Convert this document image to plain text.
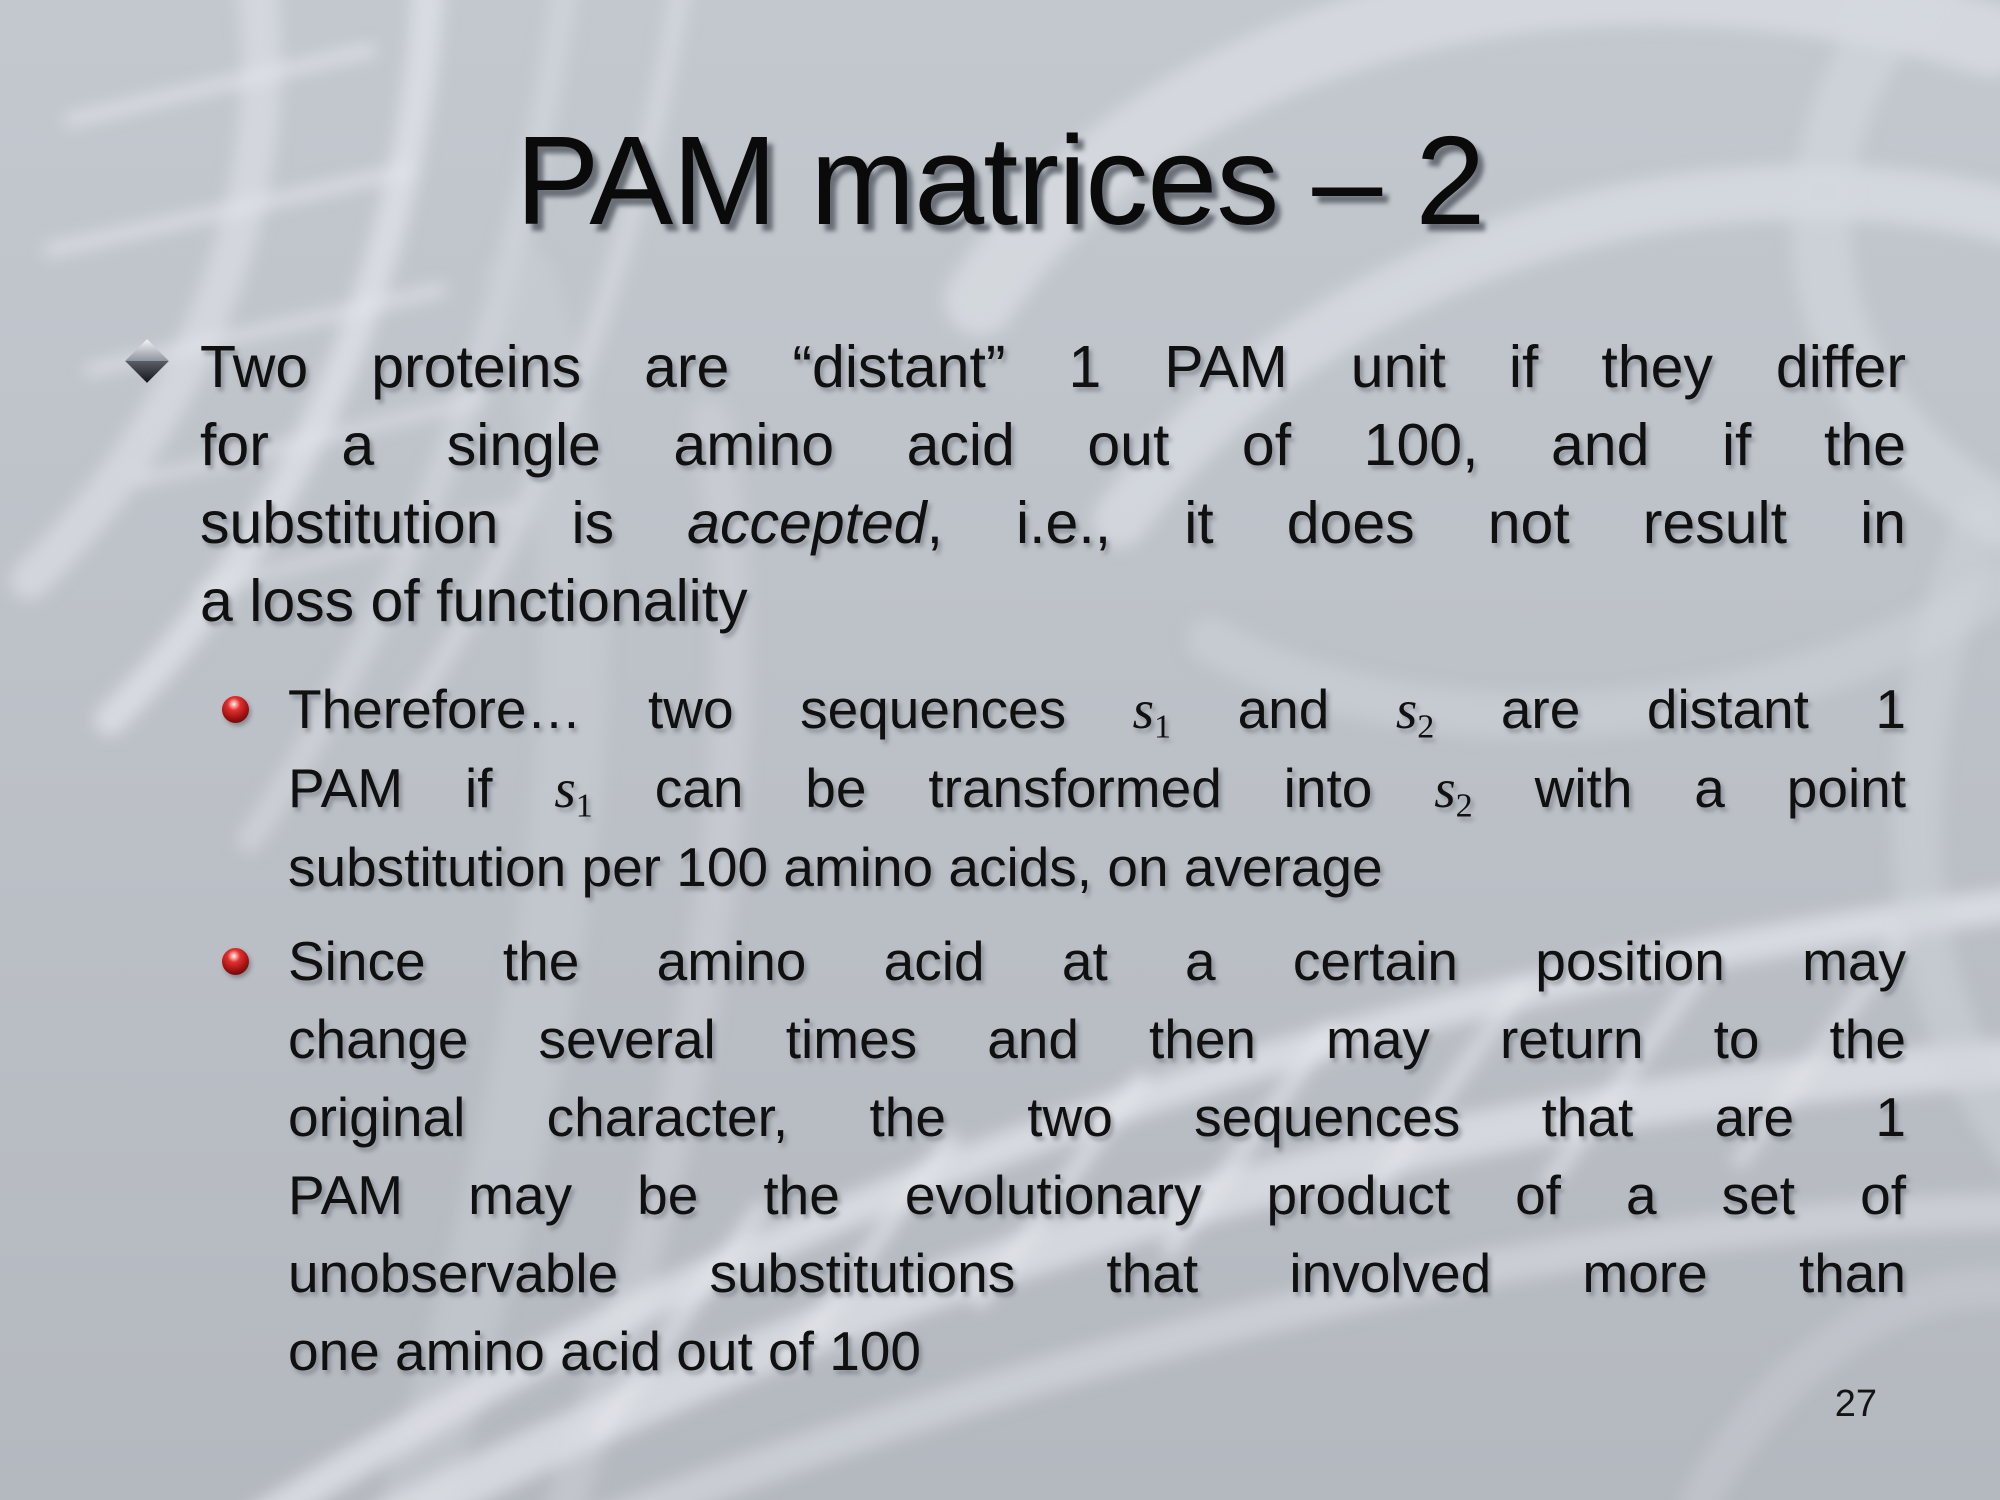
PAM matrices – 2
Two proteins are “distant” 1 PAM unit if they differ
for a single amino acid out of 100, and if the
substitution is accepted, i.e., it does not result in
a loss of functionality
Therefore… two sequences $s_1$ and $s_2$ are distant 1
PAM if $s_1$ can be transformed into $s_2$ with a point
substitution per 100 amino acids, on average
Since the amino acid at a certain position may
change several times and then may return to the
original character, the two sequences that are 1
PAM may be the evolutionary product of a set of
unobservable substitutions that involved more than
one amino acid out of 100
27
